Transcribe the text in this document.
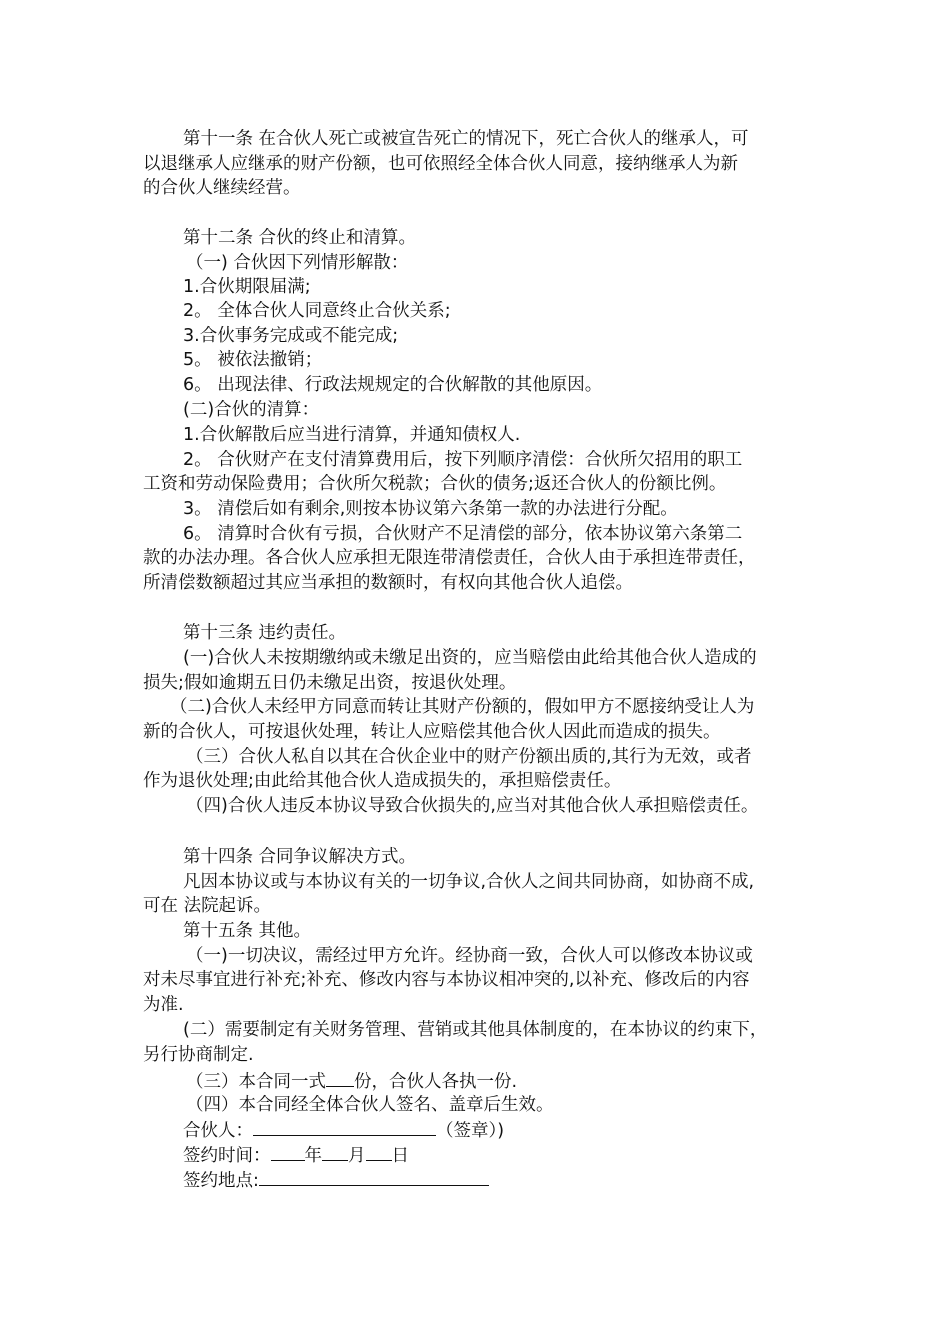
第十一条 在合伙人死亡或被宣告死亡的情况下，死亡合伙人的继承人，可
以退继承人应继承的财产份额，也可依照经全体合伙人同意，接纳继承人为新
的合伙人继续经营。
第十二条 合伙的终止和清算。
（一) 合伙因下列情形解散：
1.合伙期限届满;
2。 全体合伙人同意终止合伙关系;
3.合伙事务完成或不能完成;
5。 被依法撤销；
6。 出现法律、行政法规规定的合伙解散的其他原因。
(二)合伙的清算：
1.合伙解散后应当进行清算，并通知债权人.
2。 合伙财产在支付清算费用后，按下列顺序清偿：合伙所欠招用的职工
工资和劳动保险费用；合伙所欠税款；合伙的债务;返还合伙人的份额比例。
3。 清偿后如有剩余,则按本协议第六条第一款的办法进行分配。
6。 清算时合伙有亏损，合伙财产不足清偿的部分，依本协议第六条第二
款的办法办理。各合伙人应承担无限连带清偿责任，合伙人由于承担连带责任，
所清偿数额超过其应当承担的数额时，有权向其他合伙人追偿。
第十三条 违约责任。
(一)合伙人未按期缴纳或未缴足出资的，应当赔偿由此给其他合伙人造成的
损失;假如逾期五日仍未缴足出资，按退伙处理。
（二)合伙人未经甲方同意而转让其财产份额的，假如甲方不愿接纳受让人为
新的合伙人，可按退伙处理，转让人应赔偿其他合伙人因此而造成的损失。
（三）合伙人私自以其在合伙企业中的财产份额出质的,其行为无效，或者
作为退伙处理;由此给其他合伙人造成损失的，承担赔偿责任。
（四)合伙人违反本协议导致合伙损失的,应当对其他合伙人承担赔偿责任。
第十四条 合同争议解决方式。
凡因本协议或与本协议有关的一切争议,合伙人之间共同协商，如协商不成,
可在 法院起诉。
第十五条 其他。
（一)一切决议，需经过甲方允许。经协商一致，合伙人可以修改本协议或
对未尽事宜进行补充;补充、修改内容与本协议相冲突的,以补充、修改后的内容
为准.
(二）需要制定有关财务管理、营销或其他具体制度的，在本协议的约束下，
另行协商制定.
（三）本合同一式 份，合伙人各执一份.
（四）本合同经全体合伙人签名、盖章后生效。
合伙人：	（签章）)
签约时间： 年 月 日
签约地点:
